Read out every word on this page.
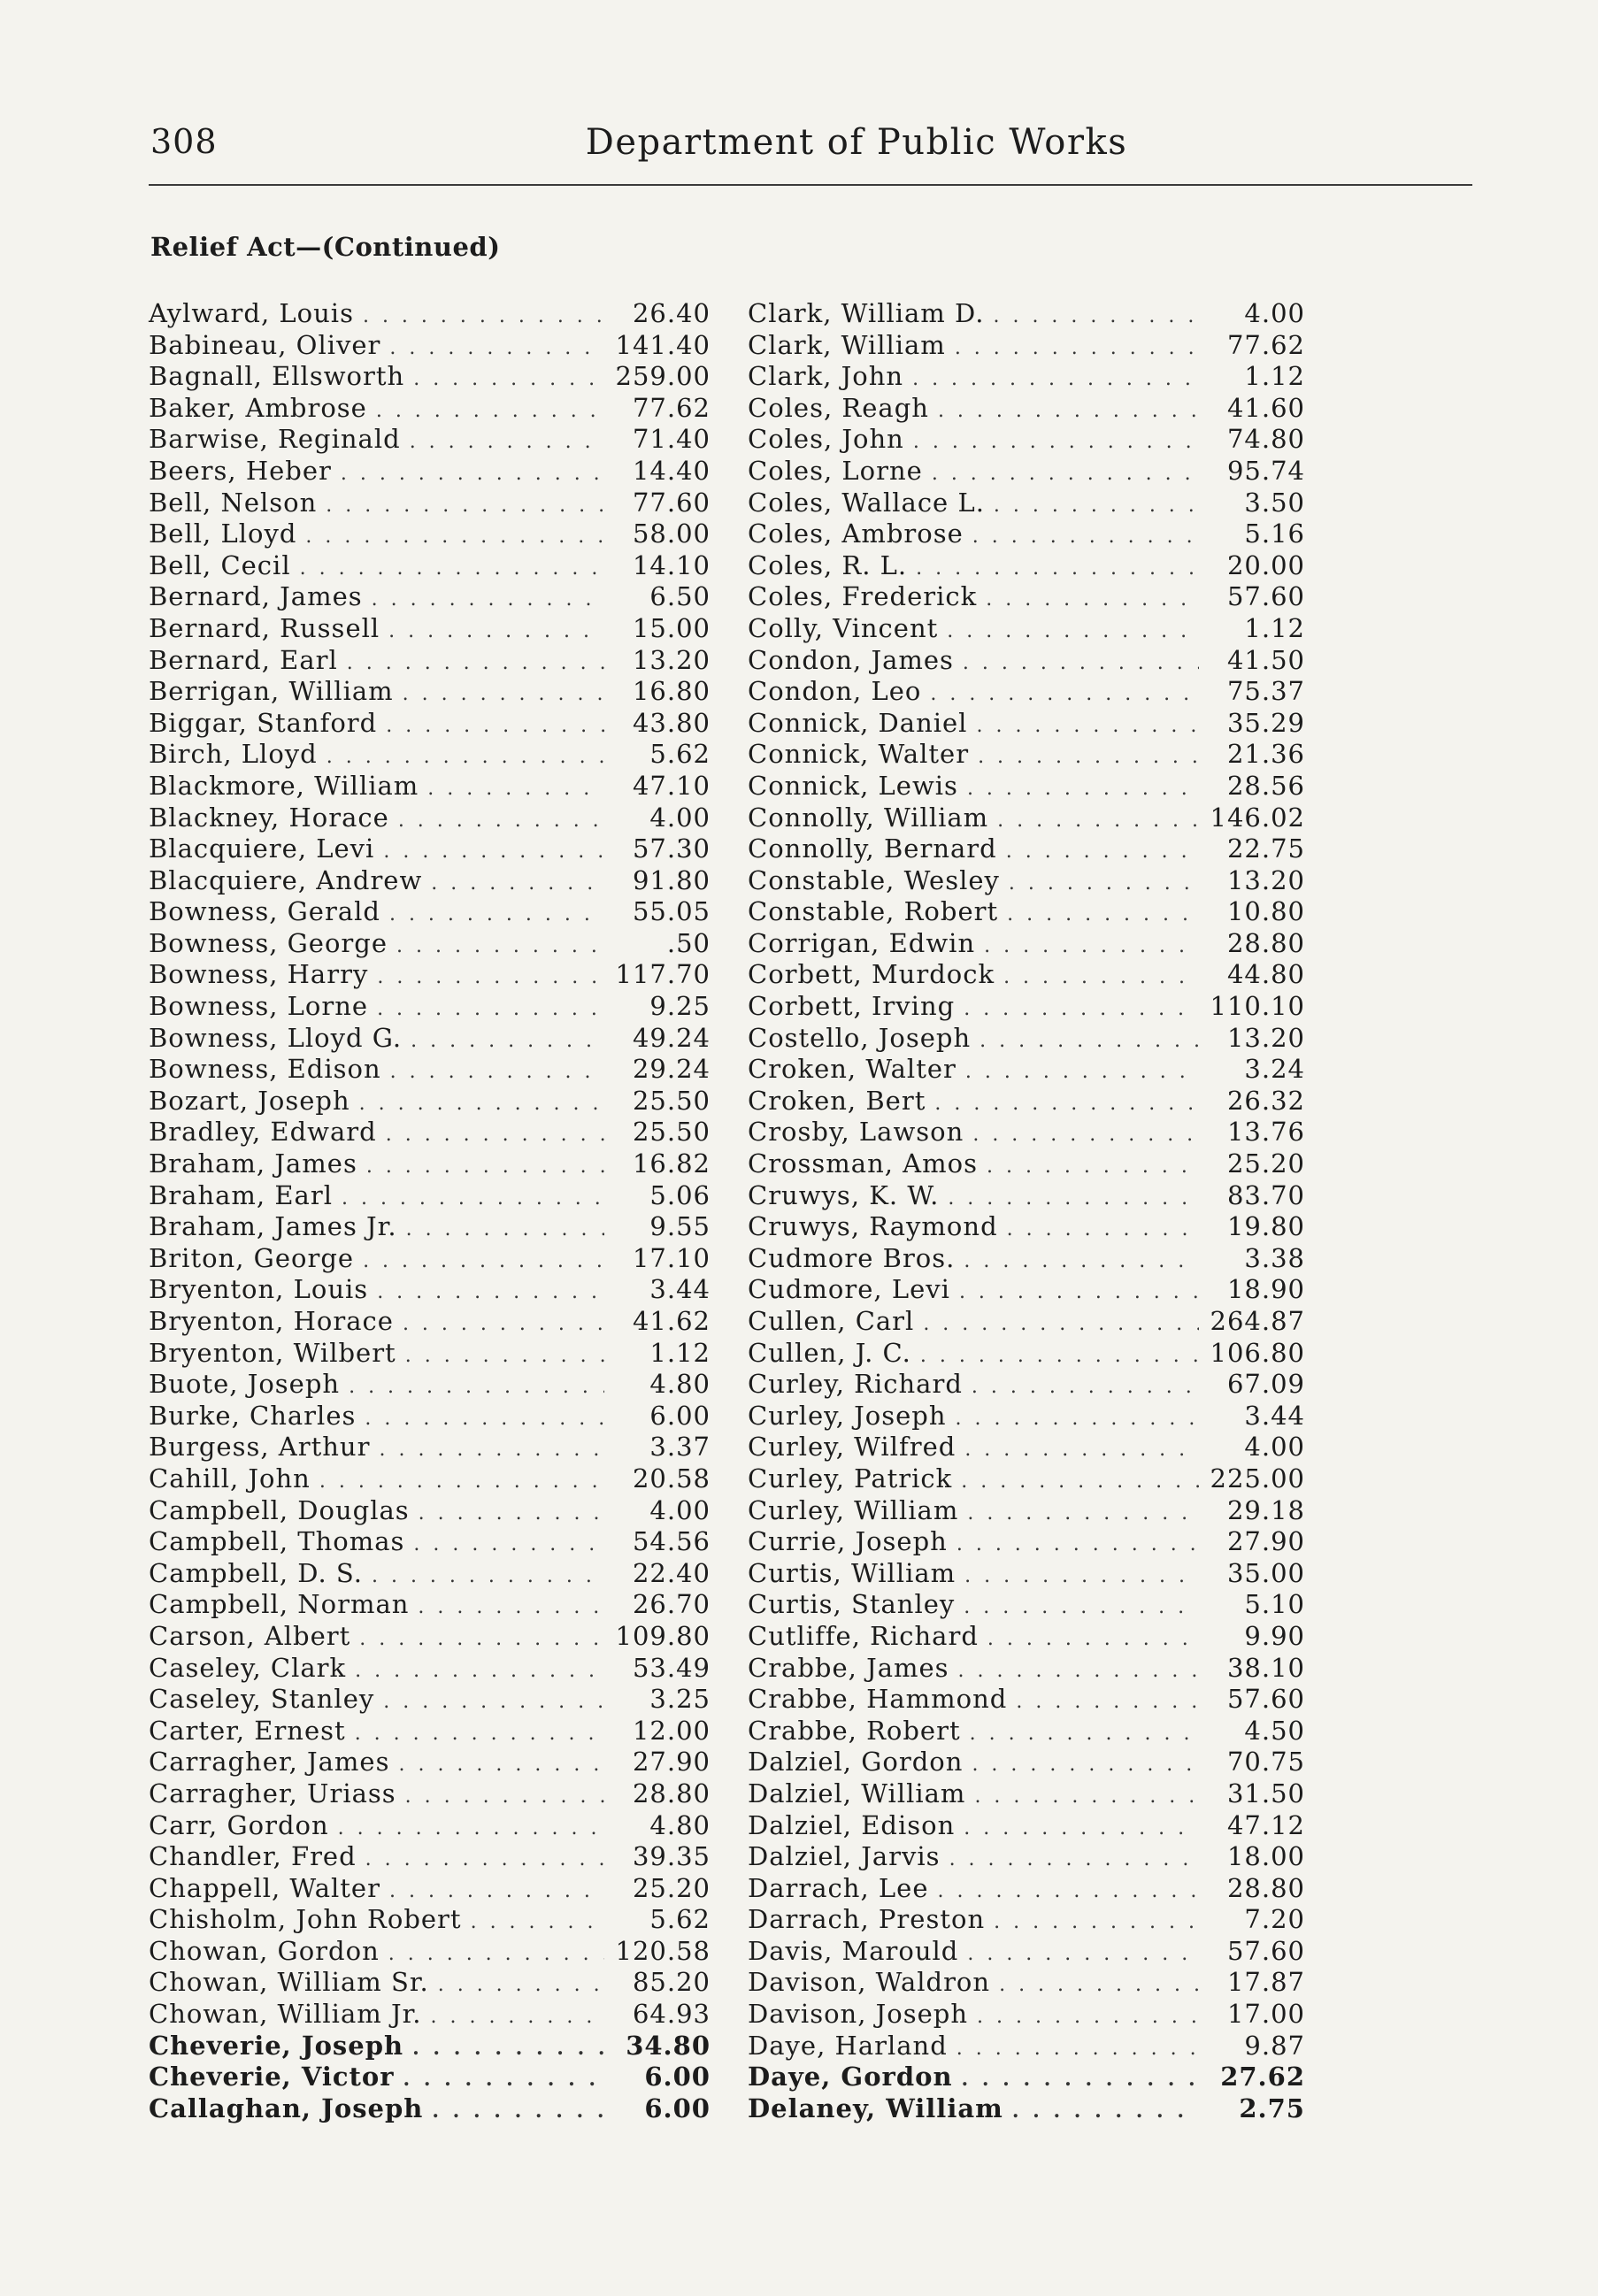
308	Department of Public Works
Relief Act—(Continued)
Aylward, Louis . . .	26.40
Babineau, Oliver . . .	141.40
Bagnall, Ellsworth . . .	259.00
Baker, Ambrose . . .	77.62
Barwise, Reginald . . .	71.40
Beers, Heber . . .	14.40
Bell, Nelson . . .	77.60
Bell, Lloyd . . .	58.00
Bell, Cecil . . .	14.10
Bernard, James . . .	6.50
Bernard, Russell . . .	15.00
Bernard, Earl . . .	13.20
Berrigan, William . . .	16.80
Biggar, Stanford . . .	43.80
Birch, Lloyd . . .	5.62
Blackmore, William . . .	47.10
Blackney, Horace . . .	4.00
Blacquiere, Levi . . .	57.30
Blacquiere, Andrew . . .	91.80
Bowness, Gerald . . .	55.05
Bowness, George . . .	.50
Bowness, Harry . . .	117.70
Bowness, Lorne . . .	9.25
Bowness, Lloyd G. . . .	49.24
Bowness, Edison . . .	29.24
Bozart, Joseph . . .	25.50
Bradley, Edward . . .	25.50
Braham, James . . .	16.82
Braham, Earl . . .	5.06
Braham, James Jr. . . .	9.55
Briton, George . . .	17.10
Bryenton, Louis . . .	3.44
Bryenton, Horace . . .	41.62
Bryenton, Wilbert . . .	1.12
Buote, Joseph . . .	4.80
Burke, Charles . . .	6.00
Burgess, Arthur . . .	3.37
Cahill, John . . .	20.58
Campbell, Douglas . . .	4.00
Campbell, Thomas . . .	54.56
Campbell, D. S. . . .	22.40
Campbell, Norman . . .	26.70
Carson, Albert . . .	109.80
Caseley, Clark . . .	53.49
Caseley, Stanley . . .	3.25
Carter, Ernest . . .	12.00
Carragher, James . . .	27.90
Carragher, Uriass . . .	28.80
Carr, Gordon . . .	4.80
Chandler, Fred . . .	39.35
Chappell, Walter . . .	25.20
Chisholm, John Robert . . .	5.62
Chowan, Gordon . . .	120.58
Chowan, William Sr. . . .	85.20
Chowan, William Jr. . . .	64.93
Cheverie, Joseph . . .	34.80
Cheverie, Victor . . .	6.00
Callaghan, Joseph . . .	6.00
Clark, William D. . . .	4.00
Clark, William . . .	77.62
Clark, John . . .	1.12
Coles, Reagh . . .	41.60
Coles, John . . .	74.80
Coles, Lorne . . .	95.74
Coles, Wallace L. . . .	3.50
Coles, Ambrose . . .	5.16
Coles, R. L. . . .	20.00
Coles, Frederick . . .	57.60
Colly, Vincent . . .	1.12
Condon, James . . .	41.50
Condon, Leo . . .	75.37
Connick, Daniel . . .	35.29
Connick, Walter . . .	21.36
Connick, Lewis . . .	28.56
Connolly, William . . .	146.02
Connolly, Bernard . . .	22.75
Constable, Wesley . . .	13.20
Constable, Robert . . .	10.80
Corrigan, Edwin . . .	28.80
Corbett, Murdock . . .	44.80
Corbett, Irving . . .	110.10
Costello, Joseph . . .	13.20
Croken, Walter . . .	3.24
Croken, Bert . . .	26.32
Crosby, Lawson . . .	13.76
Crossman, Amos . . .	25.20
Cruwys, K. W. . . .	83.70
Cruwys, Raymond . . .	19.80
Cudmore Bros. . . .	3.38
Cudmore, Levi . . .	18.90
Cullen, Carl . . .	264.87
Cullen, J. C. . . .	106.80
Curley, Richard . . .	67.09
Curley, Joseph . . .	3.44
Curley, Wilfred . . .	4.00
Curley, Patrick . . .	225.00
Curley, William . . .	29.18
Currie, Joseph . . .	27.90
Curtis, William . . .	35.00
Curtis, Stanley . . .	5.10
Cutliffe, Richard . . .	9.90
Crabbe, James . . .	38.10
Crabbe, Hammond . . .	57.60
Crabbe, Robert . . .	4.50
Dalziel, Gordon . . .	70.75
Dalziel, William . . .	31.50
Dalziel, Edison . . .	47.12
Dalziel, Jarvis . . .	18.00
Darrach, Lee . . .	28.80
Darrach, Preston . . .	7.20
Davis, Marould . . .	57.60
Davison, Waldron . . .	17.87
Davison, Joseph . . .	17.00
Daye, Harland . . .	9.87
Daye, Gordon . . .	27.62
Delaney, William . . .	2.75
